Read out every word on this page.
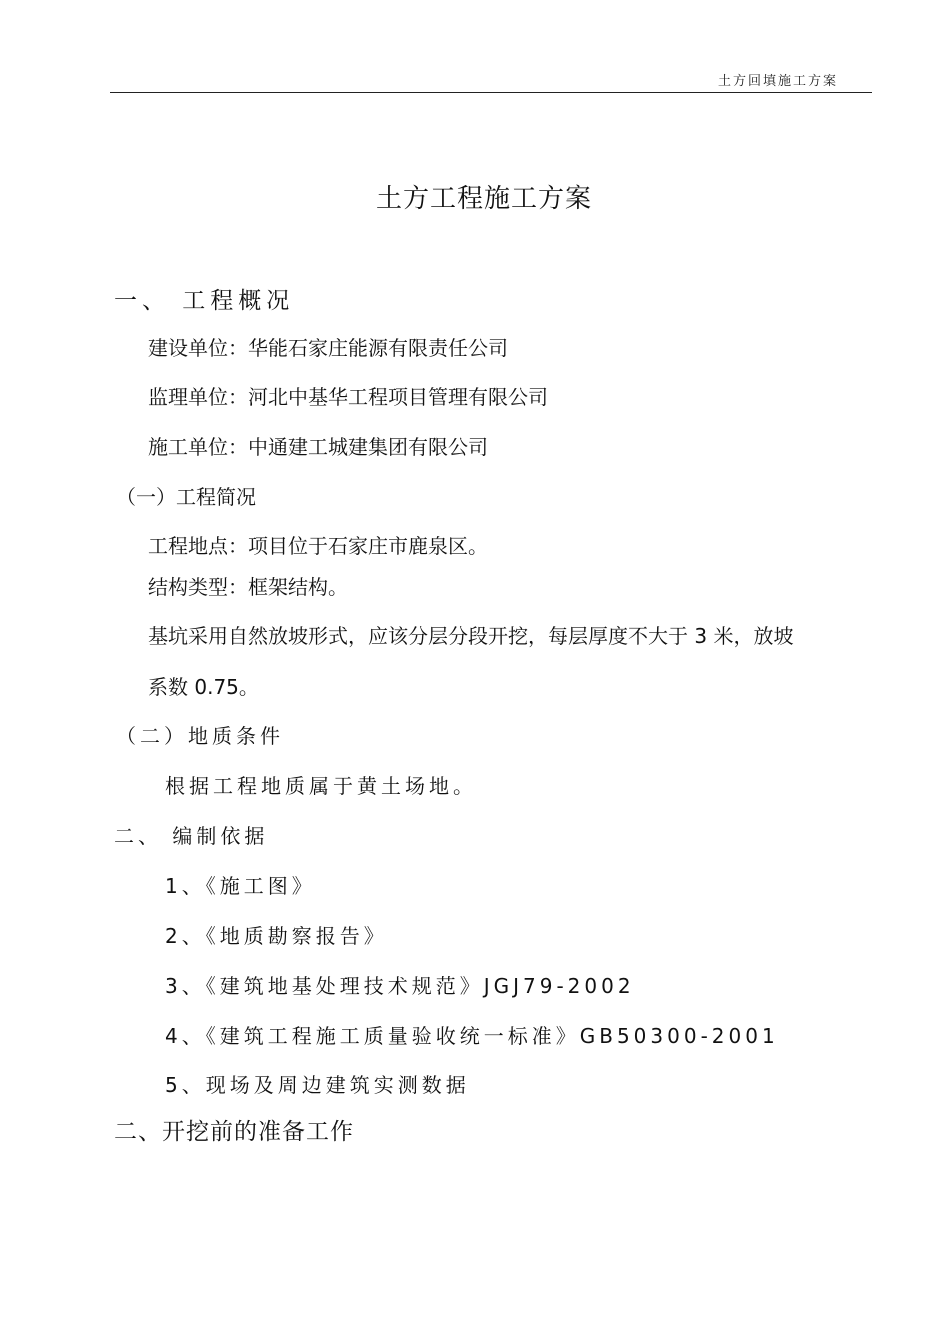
土方回填施工方案
土方工程施工方案
一、 工程概况
建设单位：华能石家庄能源有限责任公司
监理单位：河北中基华工程项目管理有限公司
施工单位：中通建工城建集团有限公司
（一）工程简况
工程地点：项目位于石家庄市鹿泉区。
结构类型：框架结构。
基坑采用自然放坡形式，应该分层分段开挖，每层厚度不大于 3 米，放坡
系数 0.75。
（二）地质条件
根据工程地质属于黄土场地。
二、 编制依据
1、《施工图》
2、《地质勘察报告》
3、《建筑地基处理技术规范》JGJ79-2002
4、《建筑工程施工质量验收统一标准》GB50300-2001
5、现场及周边建筑实测数据
二、开挖前的准备工作
